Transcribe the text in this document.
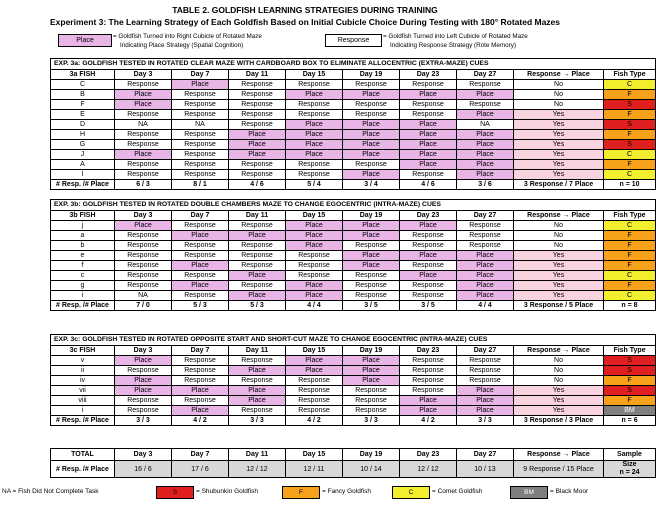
TABLE 2. GOLDFISH LEARNING STRATEGIES DURING TRAINING
Experiment 3: The Learning Strategy of Each Goldfish Based on Initial Cubicle Choice During Testing with 180° Rotated Mazes
Place
= Goldfish Turned into Right Cubicle of Rotated Maze
Indicating Place Strategy (Spatial Cognition)
Response
= Goldfish Turned into Left Cubicle of Rotated Maze
Indicating Response Strategy (Rote Memory)
EXP. 3a: GOLDFISH TESTED IN ROTATED CLEAR MAZE WITH CARDBOARD BOX TO ELIMINATE ALLOCENTRIC (EXTRA-MAZE) CUES									
3a FISH	Day 3	Day 7	Day 11	Day 15	Day 19	Day 23	Day 27	Response → Place	Fish Type
C	Response	Place	Response	Response	Response	Response	Response	No	C
B	Place	Response	Response	Place	Place	Place	Place	No	F
F	Place	Response	Response	Response	Response	Response	Response	No	S
E	Response	Response	Response	Response	Response	Response	Place	Yes	F
D	NA	NA	Response	Place	Place	Place	NA	Yes	S
H	Response	Response	Place	Place	Place	Place	Place	Yes	F
G	Response	Response	Place	Place	Place	Place	Place	Yes	S
J	Place	Response	Place	Place	Place	Place	Place	Yes	C
A	Response	Response	Response	Response	Response	Place	Place	Yes	F
I	Response	Response	Response	Response	Place	Response	Place	Yes	C
# Resp. /# Place	6 / 3	8 / 1	4 / 6	5 / 4	3 / 4	4 / 6	3 / 6	3 Response / 7 Place	n = 10
EXP. 3b: GOLDFISH TESTED IN ROTATED DOUBLE CHAMBERS MAZE TO CHANGE EGOCENTRIC (INTRA-MAZE) CUES									
3b FISH	Day 3	Day 7	Day 11	Day 15	Day 19	Day 23	Day 27	Response → Place	Fish Type
j	Place	Response	Response	Place	Place	Place	Response	No	C
a	Response	Place	Place	Place	Place	Response	Response	No	F
b	Response	Response	Response	Place	Response	Response	Response	No	F
e	Response	Response	Response	Response	Place	Place	Place	Yes	F
f	Response	Place	Response	Response	Place	Response	Place	Yes	F
c	Response	Response	Place	Response	Response	Place	Place	Yes	C
g	Response	Place	Response	Place	Response	Response	Place	Yes	F
i	NA	Response	Place	Place	Response	Response	Place	Yes	C
# Resp. /# Place	7 / 0	5 / 3	5 / 3	4 / 4	3 / 5	3 / 5	4 / 4	3 Response / 5 Place	n = 8
EXP. 3c: GOLDFISH TESTED IN ROTATED OPPOSITE START AND SHORT-CUT MAZE TO CHANGE EGOCENTRIC (INTRA-MAZE) CUES									
3c FISH	Day 3	Day 7	Day 11	Day 15	Day 19	Day 23	Day 27	Response → Place	Fish Type
v	Place	Response	Response	Place	Place	Response	Response	No	S
ii	Response	Response	Place	Place	Place	Response	Response	No	S
iv	Place	Response	Response	Response	Place	Response	Response	No	F
vii	Place	Place	Place	Response	Response	Response	Place	Yes	S
viii	Response	Response	Place	Response	Response	Place	Place	Yes	F
i	Response	Place	Response	Response	Response	Place	Place	Yes	BM
# Resp. /# Place	3 / 3	4 / 2	3 / 3	4 / 2	3 / 3	4 / 2	3 / 3	3 Response / 3 Place	n = 6
TOTAL	Day 3	Day 7	Day 11	Day 15	Day 19	Day 23	Day 27	Response → Place	Sample
# Resp. /# Place	16 / 6	17 / 6	12 / 12	12 / 11	10 / 14	12 / 12	10 / 13	9 Response / 15 Place	Size
n = 24
NA = Fish Did Not Complete Task	S	= Shubunkin Goldfish	F	= Fancy Goldfish	C	= Comet Goldfish	BM	= Black Moor
